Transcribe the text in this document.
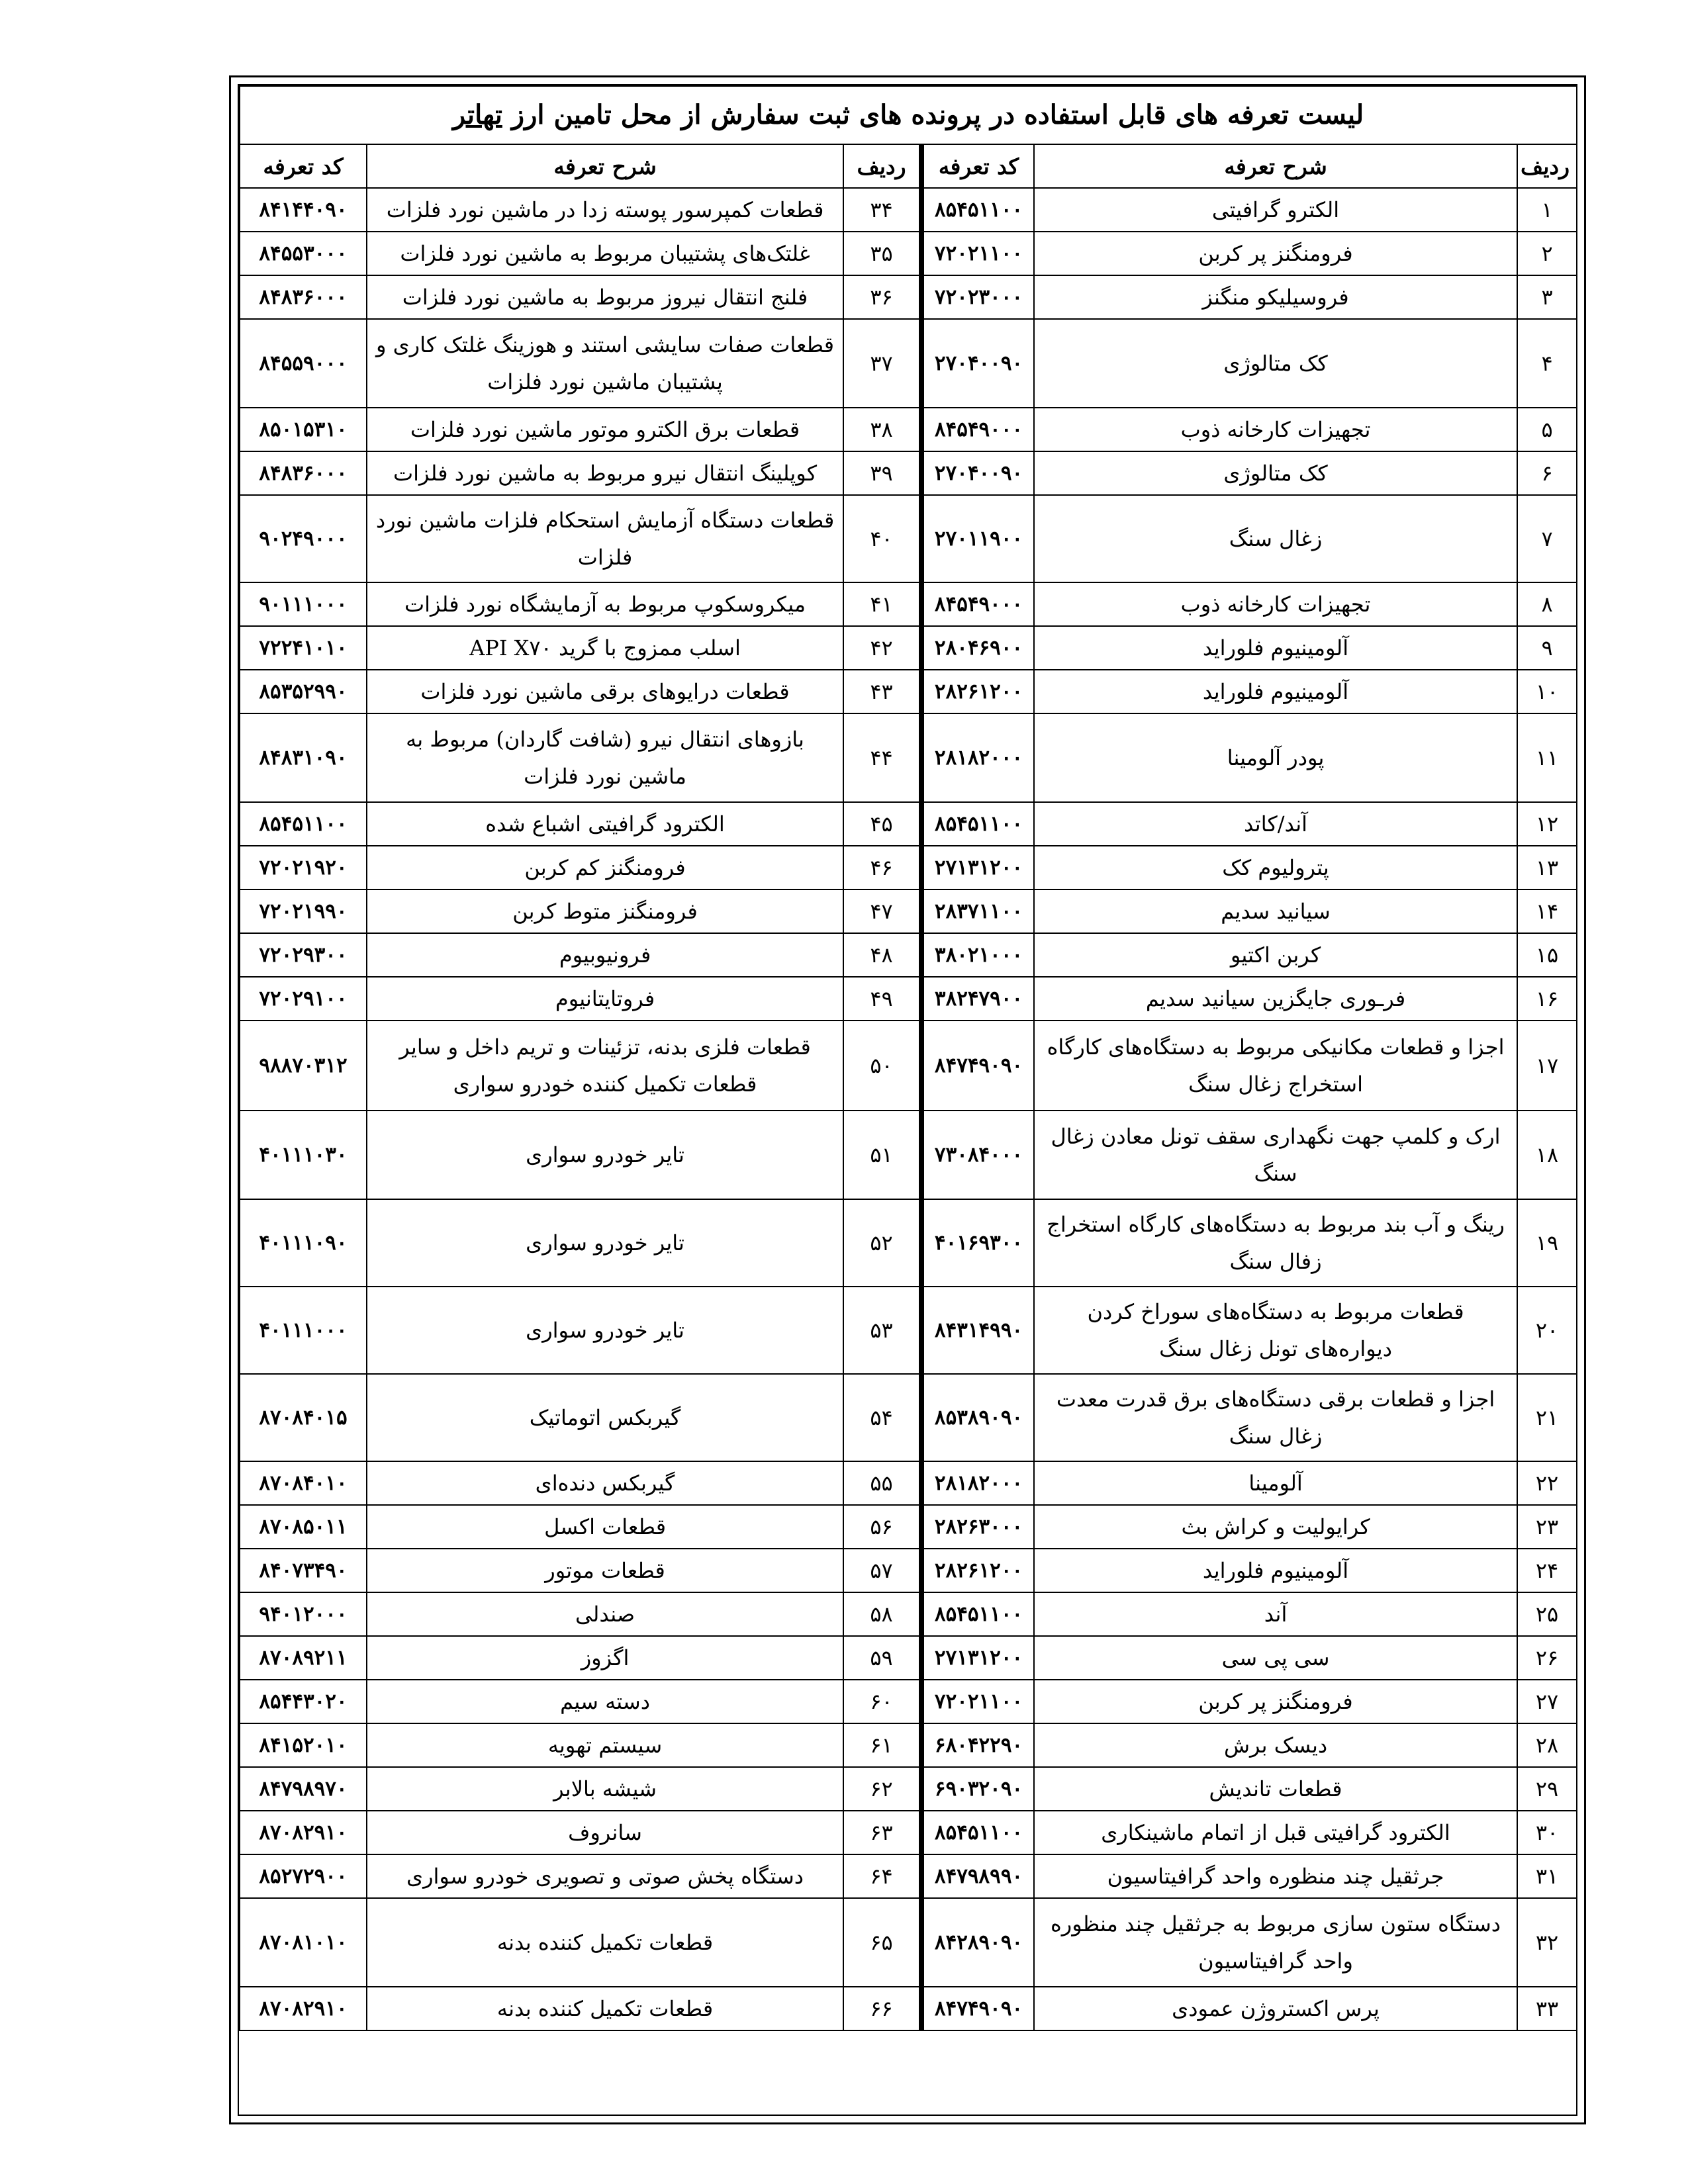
لیست تعرفه های قابل استفاده در پرونده های ثبت سفارش از محل تامین ارز تهاتر					
ردیف	شرح تعرفه	کد تعرفه	ردیف	شرح تعرفه	کد تعرفه
۱	الکترو گرافیتی	۸۵۴۵۱۱۰۰	۳۴	قطعات کمپرسور پوسته زدا در ماشین نورد فلزات	۸۴۱۴۴۰۹۰
۲	فرومنگنز پر کربن	۷۲۰۲۱۱۰۰	۳۵	غلتک‌های پشتیبان مربوط به ماشین نورد فلزات	۸۴۵۵۳۰۰۰
۳	فروسیلیکو منگنز	۷۲۰۲۳۰۰۰	۳۶	فلنج انتقال نیروز مربوط به ماشین نورد فلزات	۸۴۸۳۶۰۰۰
۴	کک متالوژی	۲۷۰۴۰۰۹۰	۳۷	قطعات صفات سایشی استند و هوزینگ غلتک کاری و پشتیبان ماشین نورد فلزات	۸۴۵۵۹۰۰۰
۵	تجهیزات کارخانه ذوب	۸۴۵۴۹۰۰۰	۳۸	قطعات برق الکترو موتور ماشین نورد فلزات	۸۵۰۱۵۳۱۰
۶	کک متالوژی	۲۷۰۴۰۰۹۰	۳۹	کوپلینگ انتقال نیرو مربوط به ماشین نورد فلزات	۸۴۸۳۶۰۰۰
۷	زغال سنگ	۲۷۰۱۱۹۰۰	۴۰	قطعات دستگاه آزمایش استحکام فلزات ماشین نورد فلزات	۹۰۲۴۹۰۰۰
۸	تجهیزات کارخانه ذوب	۸۴۵۴۹۰۰۰	۴۱	میکروسکوپ مربوط به آزمایشگاه نورد فلزات	۹۰۱۱۱۰۰۰
۹	آلومینیوم فلوراید	۲۸۰۴۶۹۰۰	۴۲	اسلب ممزوج با گرید API X۷۰	۷۲۲۴۱۰۱۰
۱۰	آلومینیوم فلوراید	۲۸۲۶۱۲۰۰	۴۳	قطعات درایوهای برقی ماشین نورد فلزات	۸۵۳۵۲۹۹۰
۱۱	پودر آلومینا	۲۸۱۸۲۰۰۰	۴۴	بازوهای انتقال نیرو (شافت گاردان) مربوط به ماشین نورد فلزات	۸۴۸۳۱۰۹۰
۱۲	آند/کاتد	۸۵۴۵۱۱۰۰	۴۵	الکترود گرافیتی اشباع شده	۸۵۴۵۱۱۰۰
۱۳	پترولیوم کک	۲۷۱۳۱۲۰۰	۴۶	فرومنگنز کم کربن	۷۲۰۲۱۹۲۰
۱۴	سیانید سدیم	۲۸۳۷۱۱۰۰	۴۷	فرومنگنز متوط کربن	۷۲۰۲۱۹۹۰
۱۵	کربن اکتیو	۳۸۰۲۱۰۰۰	۴۸	فرونیوبیوم	۷۲۰۲۹۳۰۰
۱۶	فرـوری جایگزین سیانید سدیم	۳۸۲۴۷۹۰۰	۴۹	فروتایتانیوم	۷۲۰۲۹۱۰۰
۱۷	اجزا و قطعات مکانیکی مربوط به دستگاه‌های کارگاه استخراج زغال سنگ	۸۴۷۴۹۰۹۰	۵۰	قطعات فلزی بدنه، تزئینات و تریم داخل و سایر قطعات تکمیل کننده خودرو سواری	۹۸۸۷۰۳۱۲
۱۸	ارک و کلمپ جهت نگهداری سقف تونل معادن زغال سنگ	۷۳۰۸۴۰۰۰	۵۱	تایر خودرو سواری	۴۰۱۱۱۰۳۰
۱۹	رینگ و آب بند مربوط به دستگاه‌های کارگاه استخراج زفال سنگ	۴۰۱۶۹۳۰۰	۵۲	تایر خودرو سواری	۴۰۱۱۱۰۹۰
۲۰	قطعات مربوط به دستگاه‌های سوراخ کردن دیواره‌های تونل زغال سنگ	۸۴۳۱۴۹۹۰	۵۳	تایر خودرو سواری	۴۰۱۱۱۰۰۰
۲۱	اجزا و قطعات برقی دستگاه‌های برق قدرت معدت زغال سنگ	۸۵۳۸۹۰۹۰	۵۴	گیربکس اتوماتیک	۸۷۰۸۴۰۱۵
۲۲	آلومینا	۲۸۱۸۲۰۰۰	۵۵	گیربکس دنده‌ای	۸۷۰۸۴۰۱۰
۲۳	کرایولیت و کراش بث	۲۸۲۶۳۰۰۰	۵۶	قطعات اکسل	۸۷۰۸۵۰۱۱
۲۴	آلومینیوم فلوراید	۲۸۲۶۱۲۰۰	۵۷	قطعات موتور	۸۴۰۷۳۴۹۰
۲۵	آند	۸۵۴۵۱۱۰۰	۵۸	صندلی	۹۴۰۱۲۰۰۰
۲۶	سی پی سی	۲۷۱۳۱۲۰۰	۵۹	اگزوز	۸۷۰۸۹۲۱۱
۲۷	فرومنگنز پر کربن	۷۲۰۲۱۱۰۰	۶۰	دسته سیم	۸۵۴۴۳۰۲۰
۲۸	دیسک برش	۶۸۰۴۲۲۹۰	۶۱	سیستم تهویه	۸۴۱۵۲۰۱۰
۲۹	قطعات تاندیش	۶۹۰۳۲۰۹۰	۶۲	شیشه بالابر	۸۴۷۹۸۹۷۰
۳۰	الکترود گرافیتی قبل از اتمام ماشینکاری	۸۵۴۵۱۱۰۰	۶۳	سانروف	۸۷۰۸۲۹۱۰
۳۱	جرثقیل چند منظوره واحد گرافیتاسیون	۸۴۷۹۸۹۹۰	۶۴	دستگاه پخش صوتی و تصویری خودرو سواری	۸۵۲۷۲۹۰۰
۳۲	دستگاه ستون سازی مربوط به جرثقیل چند منظوره واحد گرافیتاسیون	۸۴۲۸۹۰۹۰	۶۵	قطعات تکمیل کننده بدنه	۸۷۰۸۱۰۱۰
۳۳	پرس اکستروژن عمودی	۸۴۷۴۹۰۹۰	۶۶	قطعات تکمیل کننده بدنه	۸۷۰۸۲۹۱۰
